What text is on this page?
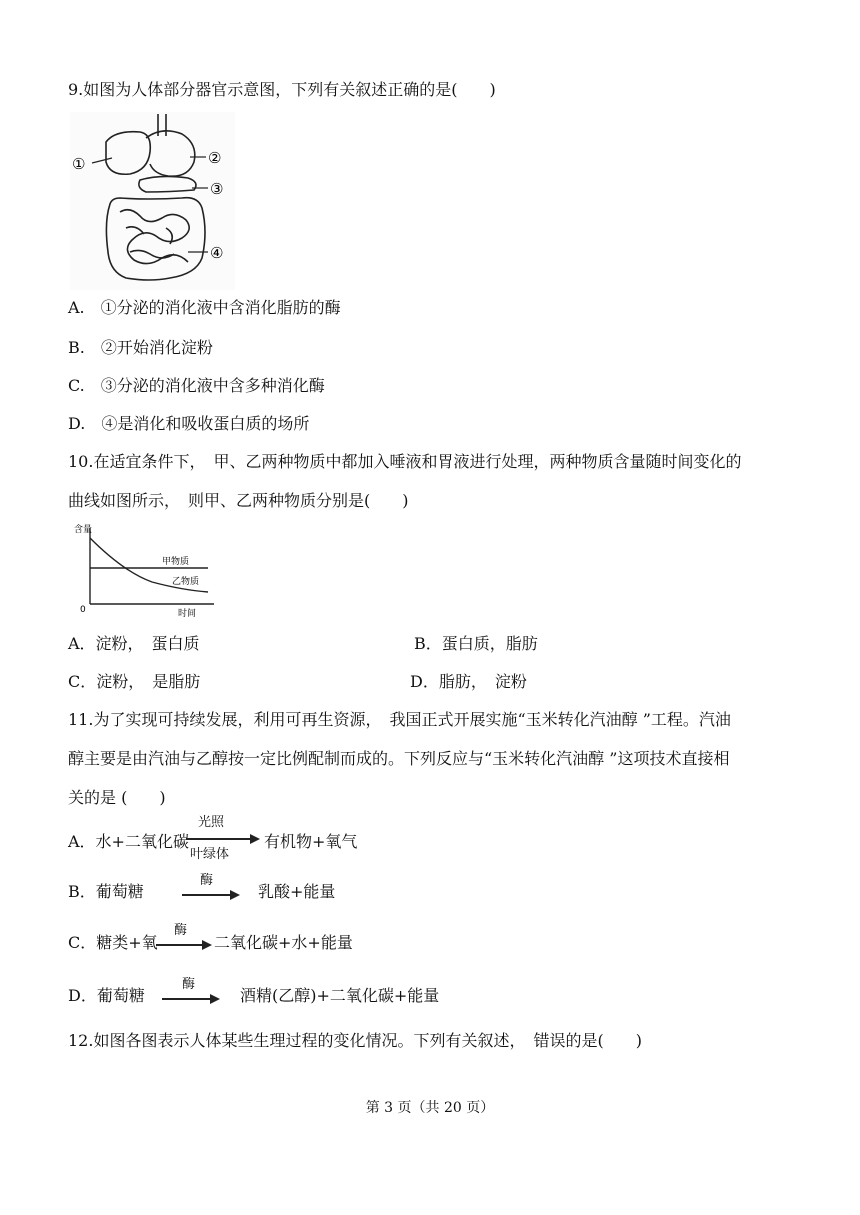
9.如图为人体部分器官示意图，下列有关叙述正确的是(　　)
①	②
③
④
A.　①分泌的消化液中含消化脂肪的酶
B.　②开始消化淀粉
C.　③分泌的消化液中含多种消化酶
D.　④是消化和吸收蛋白质的场所
10.在适宜条件下，　甲、乙两种物质中都加入唾液和胃液进行处理，两种物质含量随时间变化的
曲线如图所示，　则甲、乙两种物质分别是(　　)
含量
0
甲物质
乙物质
时间
A．淀粉，　蛋白质	B．蛋白质，脂肪
C．淀粉，　是脂肪	D．脂肪，　淀粉
11.为了实现可持续发展，利用可再生资源，　我国正式开展实施“玉米转化汽油醇 ”工程。汽油
醇主要是由汽油与乙醇按一定比例配制而成的。下列反应与“玉米转化汽油醇 ”这项技术直接相
关的是 (　　)
A．水+二氧化碳
光照
叶绿体
有机物+氧气
B．葡萄糖
酶
乳酸+能量
C．糖类+氧
酶
二氧化碳+水+能量
D．葡萄糖
酶
酒精(乙醇)+二氧化碳+能量
12.如图各图表示人体某些生理过程的变化情况。下列有关叙述，　错误的是(　　)
第 3 页（共 20 页）
